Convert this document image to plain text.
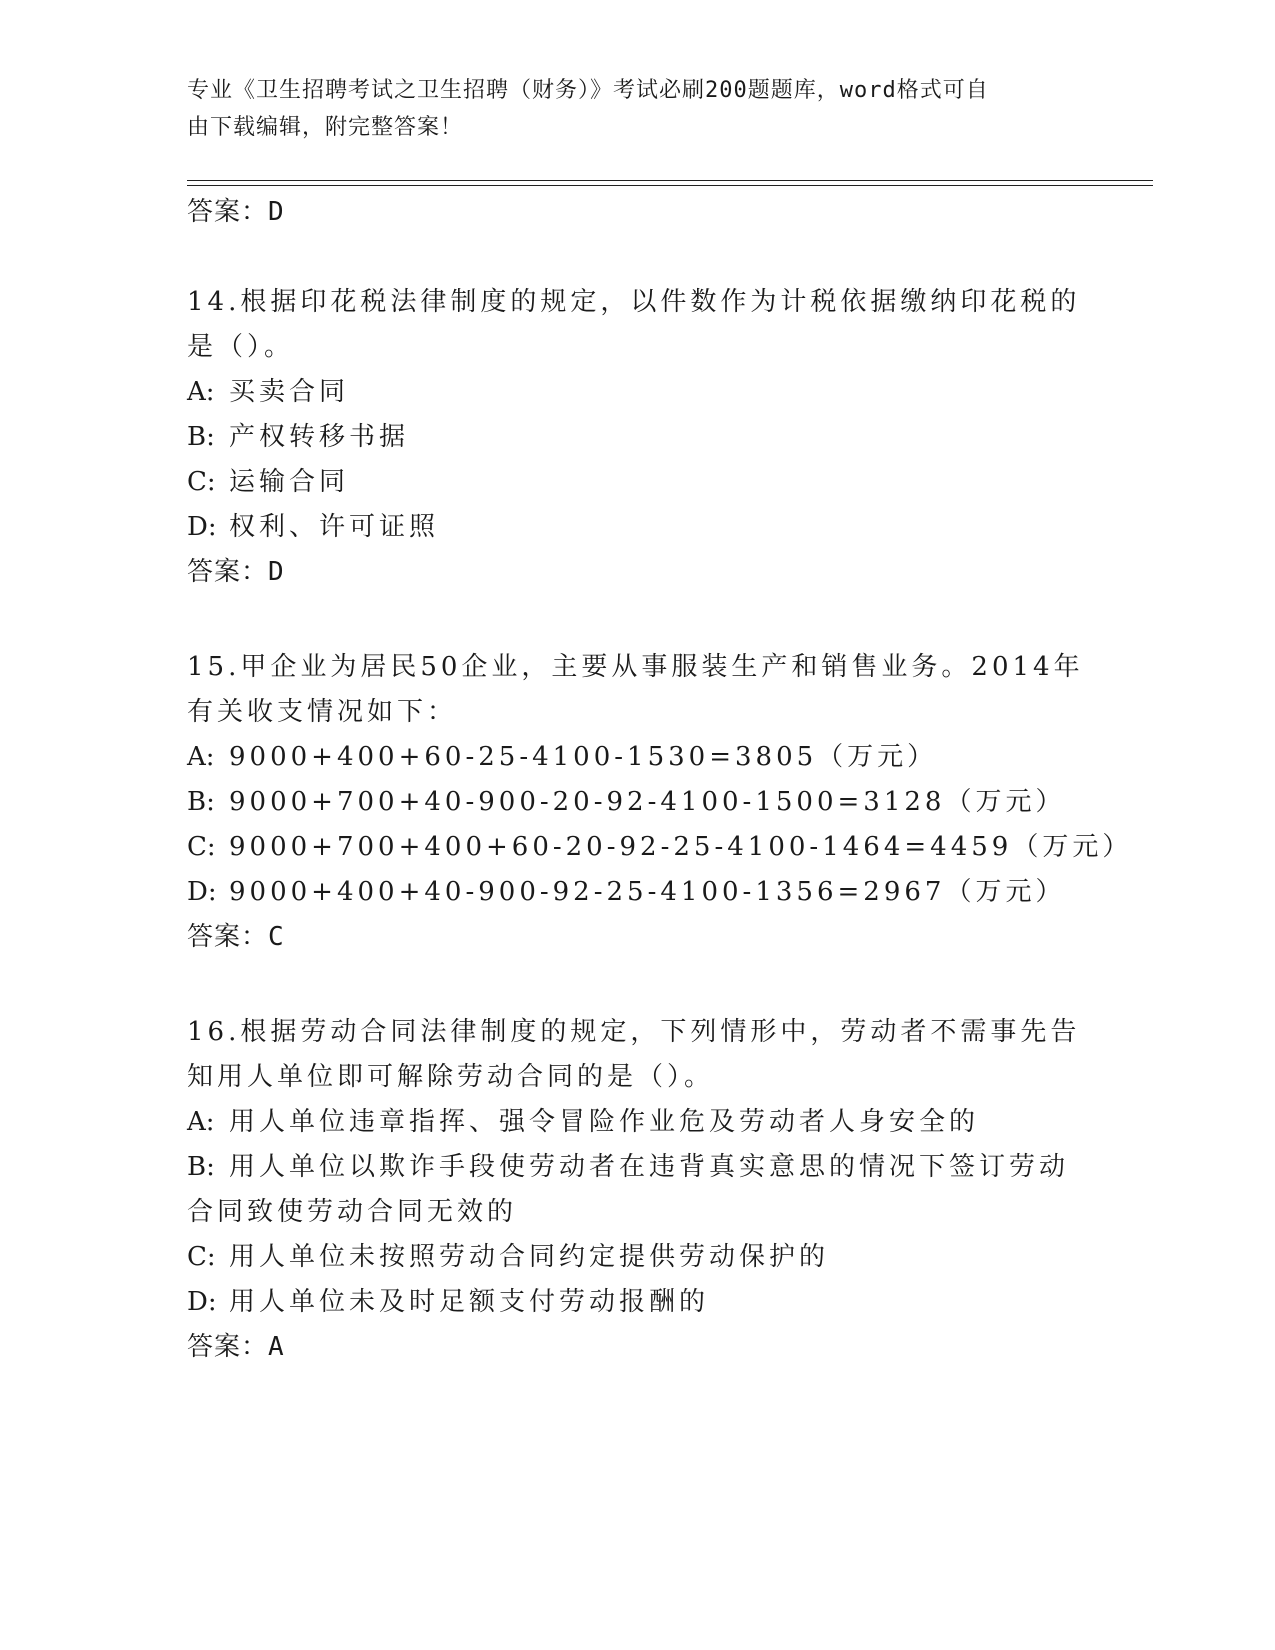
专业《卫生招聘考试之卫生招聘（财务）》考试必刷200题题库，word格式可自
由下载编辑，附完整答案！
答案：D

14.根据印花税法律制度的规定，以件数作为计税依据缴纳印花税的是（）。

A: 买卖合同

B: 产权转移书据

C: 运输合同

D: 权利、许可证照

答案：D

15.甲企业为居民50企业，主要从事服装生产和销售业务。2014年有关收支情况如下：

A: 9000+400+60-25-4100-1530=3805（万元）

B: 9000+700+40-900-20-92-4100-1500=3128（万元）

C: 9000+700+400+60-20-92-25-4100-1464=4459（万元）

D: 9000+400+40-900-92-25-4100-1356=2967（万元）

答案：C

16.根据劳动合同法律制度的规定，下列情形中，劳动者不需事先告知用人单位即可解除劳动合同的是（）。

A: 用人单位违章指挥、强令冒险作业危及劳动者人身安全的

B: 用人单位以欺诈手段使劳动者在违背真实意思的情况下签订劳动合同致使劳动合同无效的

C: 用人单位未按照劳动合同约定提供劳动保护的

D: 用人单位未及时足额支付劳动报酬的

答案：A
